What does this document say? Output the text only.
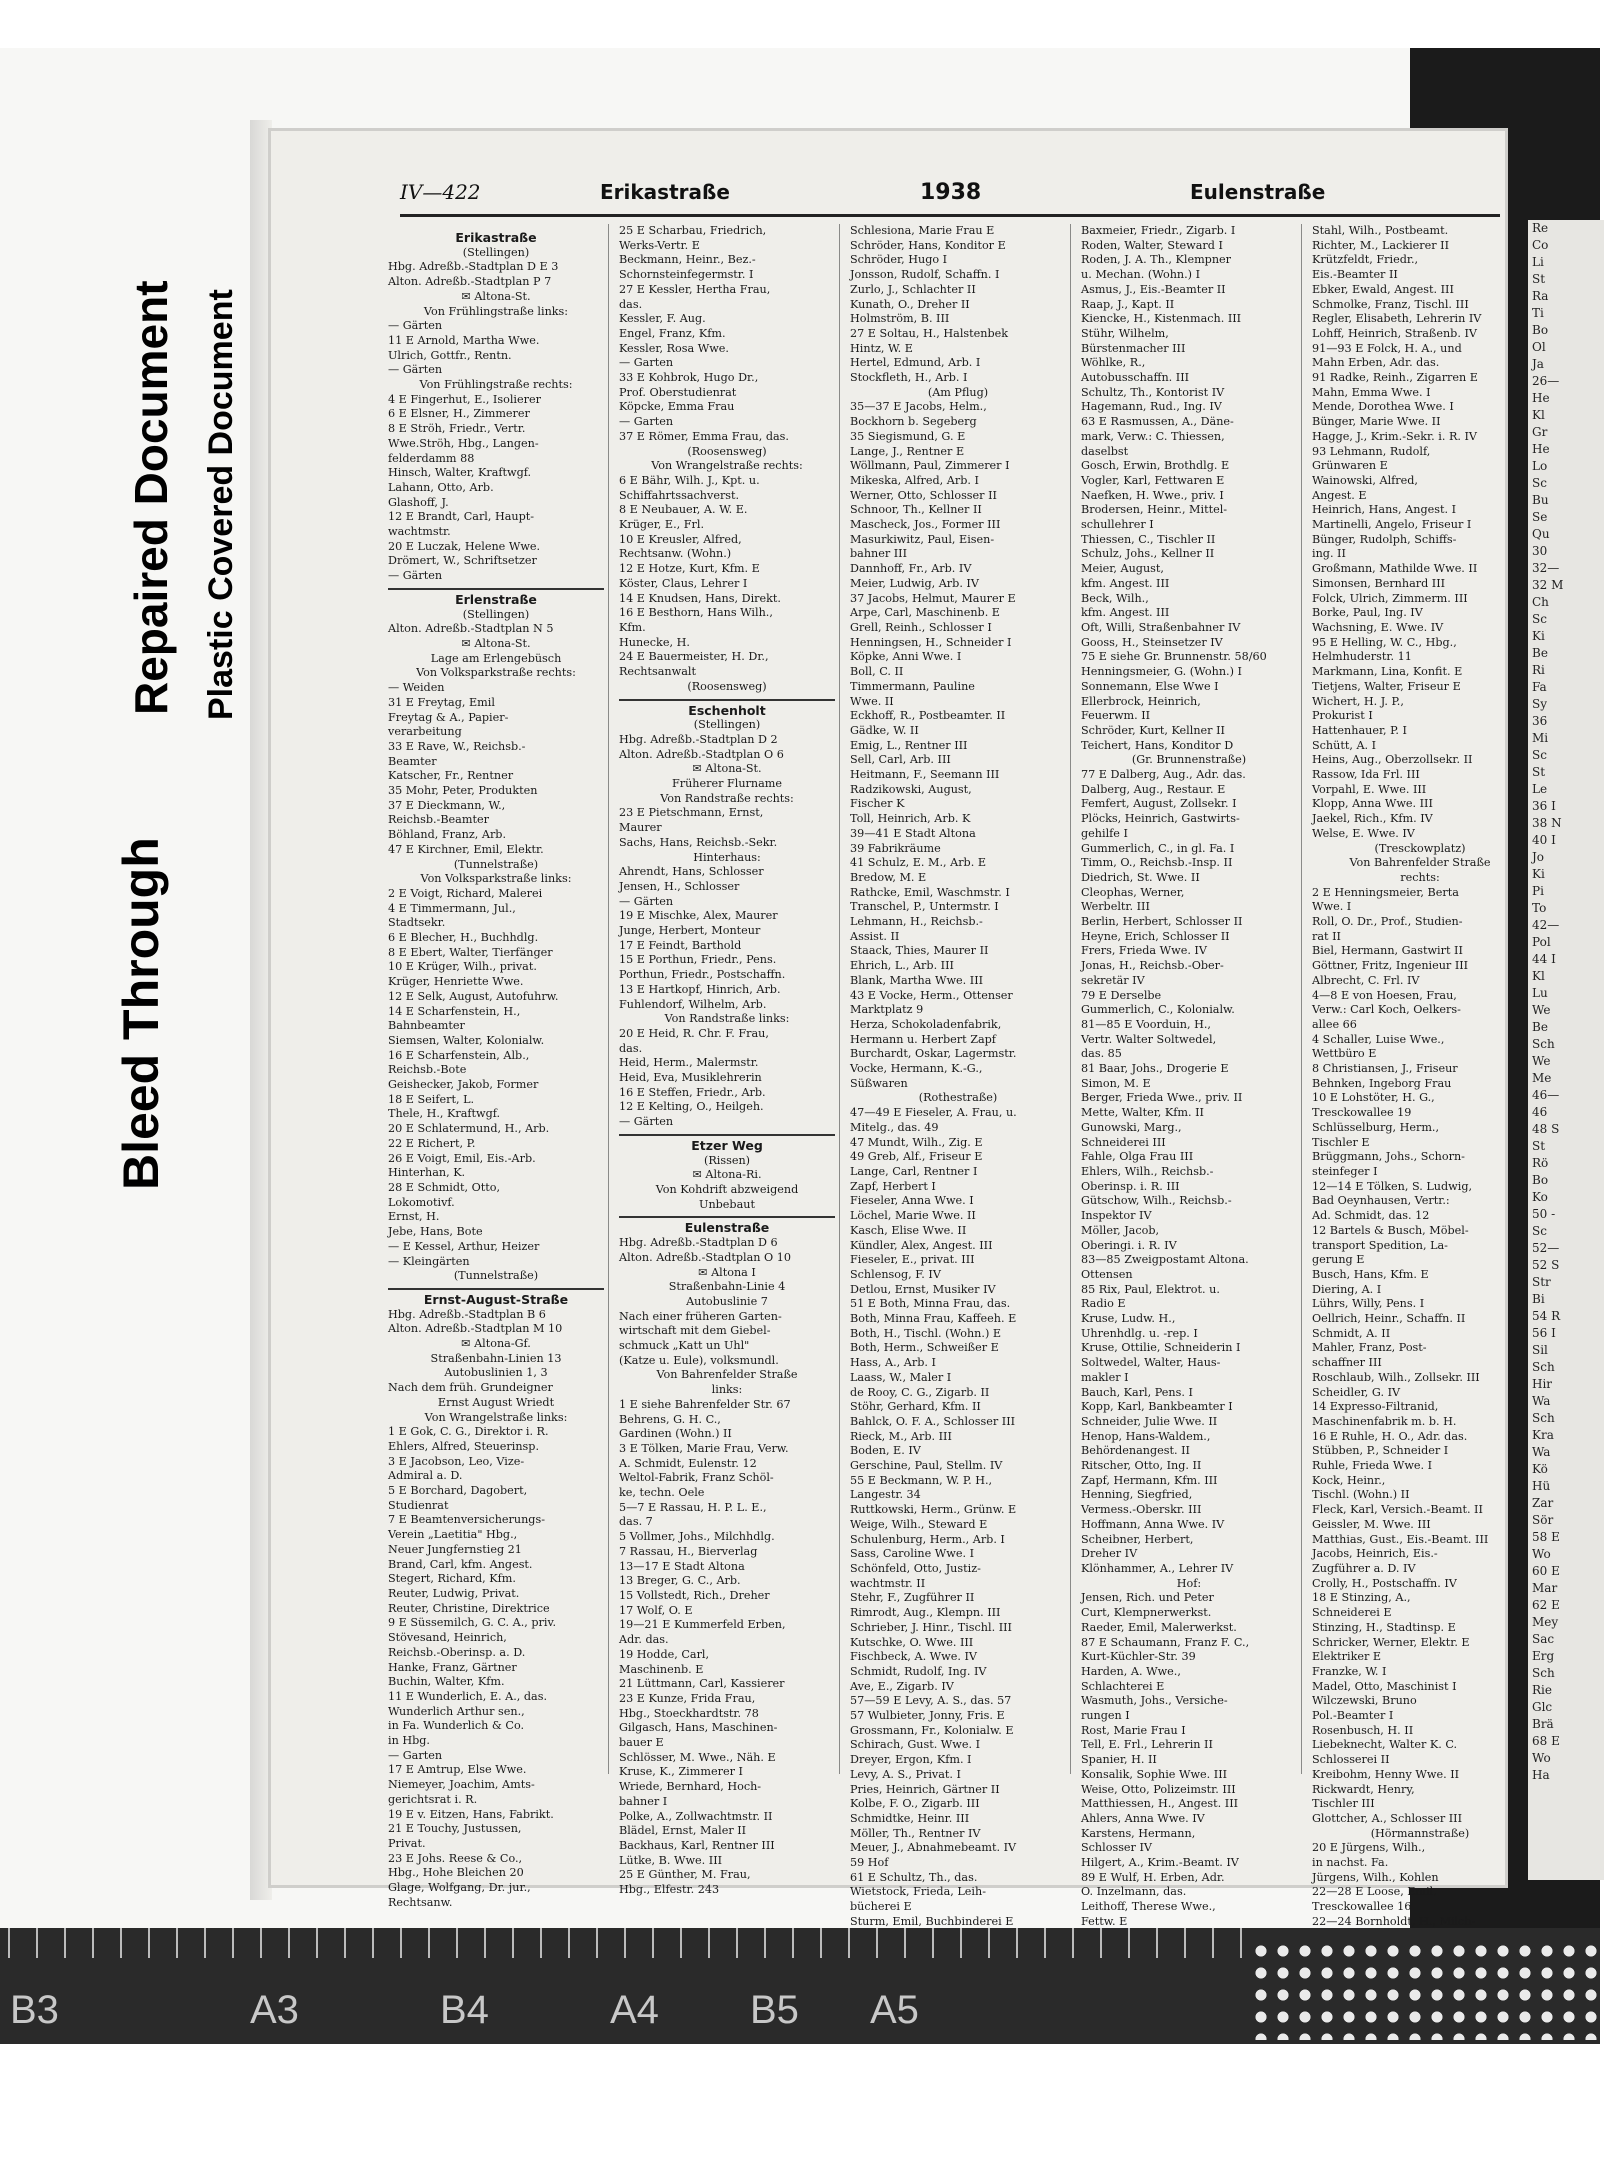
Bleed Through
Repaired Document Plastic Covered Document
Re
Co
Li
St
Ra
Ti
Bo
Ol
Ja
26—
He
Kl
Gr
He
Lo
Sc
Bu
Se
Qu
30
32—
32 M
Ch
Sc
Ki
Be
Ri
Fa
Sy
36
Mi
Sc
St
Le
36 I
38 N
40 I
Jo
Ki
Pi
To
42—
Pol
44 I
Kl
Lu
We
Be
Sch
We
Me
46—
46
48 S
St
Rö
Bo
Ko
50 -
Sc
52—
52 S
Str
Bi
54 R
56 I
Sil
Sch
Hir
Wa
Sch
Kra
Wa
Kö
Hü
Zar
Sör
58 E
Wo
60 E
Mar
62 E
Mey
Sac
Erg
Sch
Rie
Glc
Brä
68 E
Wo
Ha
IV—422	Erikastraße	1938	Eulenstraße
Erikastraße
(Stellingen)
Hbg. Adreßb.-Stadtplan D E 3
Alton. Adreßb.-Stadtplan P 7
✉ Altona-St.
Von Frühlingstraße links:
— Gärten
11 E Arnold, Martha Wwe.
Ulrich, Gottfr., Rentn.
— Gärten
Von Frühlingstraße rechts:
4 E Fingerhut, E., Isolierer
6 E Elsner, H., Zimmerer
8 E Ströh, Friedr., Vertr.
Wwe.Ströh, Hbg., Langen-
felderdamm 88
Hinsch, Walter, Kraftwgf.
Lahann, Otto, Arb.
Glashoff, J.
12 E Brandt, Carl, Haupt-
wachtmstr.
20 E Luczak, Helene Wwe.
Drömert, W., Schriftsetzer
— Gärten
Erlenstraße
(Stellingen)
Alton. Adreßb.-Stadtplan N 5
✉ Altona-St.
Lage am Erlengebüsch
Von Volksparkstraße rechts:
— Weiden
31 E Freytag, Emil
Freytag & A., Papier-
verarbeitung
33 E Rave, W., Reichsb.-
Beamter
Katscher, Fr., Rentner
35 Mohr, Peter, Produkten
37 E Dieckmann, W.,
Reichsb.-Beamter
Böhland, Franz, Arb.
47 E Kirchner, Emil, Elektr.
(Tunnelstraße)
Von Volksparkstraße links:
2 E Voigt, Richard, Malerei
4 E Timmermann, Jul.,
Stadtsekr.
6 E Blecher, H., Buchhdlg.
8 E Ebert, Walter, Tierfänger
10 E Krüger, Wilh., privat.
Krüger, Henriette Wwe.
12 E Selk, August, Autofuhrw.
14 E Scharfenstein, H.,
Bahnbeamter
Siemsen, Walter, Kolonialw.
16 E Scharfenstein, Alb.,
Reichsb.-Bote
Geishecker, Jakob, Former
18 E Seifert, L.
Thele, H., Kraftwgf.
20 E Schlatermund, H., Arb.
22 E Richert, P.
26 E Voigt, Emil, Eis.-Arb.
Hinterhan, K.
28 E Schmidt, Otto,
Lokomotivf.
Ernst, H.
Jebe, Hans, Bote
— E Kessel, Arthur, Heizer
— Kleingärten
(Tunnelstraße)
Ernst-August-Straße
Hbg. Adreßb.-Stadtplan B 6
Alton. Adreßb.-Stadtplan M 10
✉ Altona-Gf.
Straßenbahn-Linien 13
Autobuslinien 1, 3
Nach dem früh. Grundeigner
Ernst August Wriedt
Von Wrangelstraße links:
1 E Gok, C. G., Direktor i. R.
Ehlers, Alfred, Steuerinsp.
3 E Jacobson, Leo, Vize-
Admiral a. D.
5 E Borchard, Dagobert,
Studienrat
7 E Beamtenversicherungs-
Verein „Laetitia" Hbg.,
Neuer Jungfernstieg 21
Brand, Carl, kfm. Angest.
Stegert, Richard, Kfm.
Reuter, Ludwig, Privat.
Reuter, Christine, Direktrice
9 E Süssemilch, G. C. A., priv.
Stövesand, Heinrich,
Reichsb.-Oberinsp. a. D.
Hanke, Franz, Gärtner
Buchin, Walter, Kfm.
11 E Wunderlich, E. A., das.
Wunderlich Arthur sen.,
in Fa. Wunderlich & Co.
in Hbg.
— Garten
17 E Amtrup, Else Wwe.
Niemeyer, Joachim, Amts-
gerichtsrat i. R.
19 E v. Eitzen, Hans, Fabrikt.
21 E Touchy, Justussen,
Privat.
23 E Johs. Reese & Co.,
Hbg., Hohe Bleichen 20
Glage, Wolfgang, Dr. jur.,
Rechtsanw.
25 E Scharbau, Friedrich,
Werks-Vertr. E
Beckmann, Heinr., Bez.-
Schornsteinfegermstr. I
27 E Kessler, Hertha Frau,
das.
Kessler, F. Aug.
Engel, Franz, Kfm.
Kessler, Rosa Wwe.
— Garten
33 E Kohbrok, Hugo Dr.,
Prof. Oberstudienrat
Köpcke, Emma Frau
— Garten
37 E Römer, Emma Frau, das.
(Roosensweg)
Von Wrangelstraße rechts:
6 E Bähr, Wilh. J., Kpt. u.
Schiffahrtssachverst.
8 E Neubauer, A. W. E.
Krüger, E., Frl.
10 E Kreusler, Alfred,
Rechtsanw. (Wohn.)
12 E Hotze, Kurt, Kfm. E
Köster, Claus, Lehrer I
14 E Knudsen, Hans, Direkt.
16 E Besthorn, Hans Wilh.,
Kfm.
Hunecke, H.
24 E Bauermeister, H. Dr.,
Rechtsanwalt
(Roosensweg)
Eschenholt
(Stellingen)
Hbg. Adreßb.-Stadtplan D 2
Alton. Adreßb.-Stadtplan O 6
✉ Altona-St.
Früherer Flurname
Von Randstraße rechts:
23 E Pietschmann, Ernst,
Maurer
Sachs, Hans, Reichsb.-Sekr.
Hinterhaus:
Ahrendt, Hans, Schlosser
Jensen, H., Schlosser
— Gärten
19 E Mischke, Alex, Maurer
Junge, Herbert, Monteur
17 E Feindt, Barthold
15 E Porthun, Friedr., Pens.
Porthun, Friedr., Postschaffn.
13 E Hartkopf, Hinrich, Arb.
Fuhlendorf, Wilhelm, Arb.
Von Randstraße links:
20 E Heid, R. Chr. F. Frau,
das.
Heid, Herm., Malermstr.
Heid, Eva, Musiklehrerin
16 E Steffen, Friedr., Arb.
12 E Kelting, O., Heilgeh.
— Gärten
Etzer Weg
(Rissen)
✉ Altona-Ri.
Von Kohdrift abzweigend
Unbebaut
Eulenstraße
Hbg. Adreßb.-Stadtplan D 6
Alton. Adreßb.-Stadtplan O 10
✉ Altona I
Straßenbahn-Linie 4
Autobuslinie 7
Nach einer früheren Garten-
wirtschaft mit dem Giebel-
schmuck „Katt un Uhl"
(Katze u. Eule), volksmundl.
Von Bahrenfelder Straße
links:
1 E siehe Bahrenfelder Str. 67
Behrens, G. H. C.,
Gardinen (Wohn.) II
3 E Tölken, Marie Frau, Verw.
A. Schmidt, Eulenstr. 12
Weltol-Fabrik, Franz Schöl-
ke, techn. Oele
5—7 E Rassau, H. P. L. E.,
das. 7
5 Vollmer, Johs., Milchhdlg.
7 Rassau, H., Bierverlag
13—17 E Stadt Altona
13 Breger, G. C., Arb.
15 Vollstedt, Rich., Dreher
17 Wolf, O. E
19—21 E Kummerfeld Erben,
Adr. das.
19 Hodde, Carl,
Maschinenb. E
21 Lüttmann, Carl, Kassierer
23 E Kunze, Frida Frau,
Hbg., Stoeckhardtstr. 78
Gilgasch, Hans, Maschinen-
bauer E
Schlösser, M. Wwe., Näh. E
Kruse, K., Zimmerer I
Wriede, Bernhard, Hoch-
bahner I
Polke, A., Zollwachtmstr. II
Blädel, Ernst, Maler II
Backhaus, Karl, Rentner III
Lütke, B. Wwe. III
25 E Günther, M. Frau,
Hbg., Elfestr. 243
Schlesiona, Marie Frau E
Schröder, Hans, Konditor E
Schröder, Hugo I
Jonsson, Rudolf, Schaffn. I
Zurlo, J., Schlachter II
Kunath, O., Dreher II
Holmström, B. III
27 E Soltau, H., Halstenbek
Hintz, W. E
Hertel, Edmund, Arb. I
Stockfleth, H., Arb. I
(Am Pflug)
35—37 E Jacobs, Helm.,
Bockhorn b. Segeberg
35 Siegismund, G. E
Lange, J., Rentner E
Wöllmann, Paul, Zimmerer I
Mikeska, Alfred, Arb. I
Werner, Otto, Schlosser II
Schnoor, Th., Kellner II
Mascheck, Jos., Former III
Masurkiwitz, Paul, Eisen-
bahner III
Dannhoff, Fr., Arb. IV
Meier, Ludwig, Arb. IV
37 Jacobs, Helmut, Maurer E
Arpe, Carl, Maschinenb. E
Grell, Reinh., Schlosser I
Henningsen, H., Schneider I
Köpke, Anni Wwe. I
Boll, C. II
Timmermann, Pauline
Wwe. II
Eckhoff, R., Postbeamter. II
Gädke, W. II
Emig, L., Rentner III
Sell, Carl, Arb. III
Heitmann, F., Seemann III
Radzikowski, August,
Fischer K
Toll, Heinrich, Arb. K
39—41 E Stadt Altona
39 Fabrikräume
41 Schulz, E. M., Arb. E
Bredow, M. E
Rathcke, Emil, Waschmstr. I
Transchel, P., Untermstr. I
Lehmann, H., Reichsb.-
Assist. II
Staack, Thies, Maurer II
Ehrich, L., Arb. III
Blank, Martha Wwe. III
43 E Vocke, Herm., Ottenser
Marktplatz 9
Herza, Schokoladenfabrik,
Hermann u. Herbert Zapf
Burchardt, Oskar, Lagermstr.
Vocke, Hermann, K.-G.,
Süßwaren
(Rothestraße)
47—49 E Fieseler, A. Frau, u.
Mitelg., das. 49
47 Mundt, Wilh., Zig. E
49 Greb, Alf., Friseur E
Lange, Carl, Rentner I
Zapf, Herbert I
Fieseler, Anna Wwe. I
Löchel, Marie Wwe. II
Kasch, Elise Wwe. II
Kündler, Alex, Angest. III
Fieseler, E., privat. III
Schlensog, F. IV
Detlou, Ernst, Musiker IV
51 E Both, Minna Frau, das.
Both, Minna Frau, Kaffeeh. E
Both, H., Tischl. (Wohn.) E
Both, Herm., Schweißer E
Hass, A., Arb. I
Laass, W., Maler I
de Rooy, C. G., Zigarb. II
Stöhr, Gerhard, Kfm. II
Bahlck, O. F. A., Schlosser III
Rieck, M., Arb. III
Boden, E. IV
Gerschine, Paul, Stellm. IV
55 E Beckmann, W. P. H.,
Langestr. 34
Ruttkowski, Herm., Grünw. E
Weige, Wilh., Steward E
Schulenburg, Herm., Arb. I
Sass, Caroline Wwe. I
Schönfeld, Otto, Justiz-
wachtmstr. II
Stehr, F., Zugführer II
Rimrodt, Aug., Klempn. III
Schrieber, J. Hinr., Tischl. III
Kutschke, O. Wwe. III
Fischbeck, A. Wwe. IV
Schmidt, Rudolf, Ing. IV
Ave, E., Zigarb. IV
57—59 E Levy, A. S., das. 57
57 Wulbieter, Jonny, Fris. E
Grossmann, Fr., Kolonialw. E
Schirach, Gust. Wwe. I
Dreyer, Ergon, Kfm. I
Levy, A. S., Privat. I
Pries, Heinrich, Gärtner II
Kolbe, F. O., Zigarb. III
Schmidtke, Heinr. III
Möller, Th., Rentner IV
Meuer, J., Abnahmebeamt. IV
59 Hof
61 E Schultz, Th., das.
Wietstock, Frieda, Leih-
bücherei E
Sturm, Emil, Buchbinderei E
Baxmeier, Friedr., Zigarb. I
Roden, Walter, Steward I
Roden, J. A. Th., Klempner
u. Mechan. (Wohn.) I
Asmus, J., Eis.-Beamter II
Raap, J., Kapt. II
Kiencke, H., Kistenmach. III
Stühr, Wilhelm,
Bürstenmacher III
Wöhlke, R.,
Autobusschaffn. III
Schultz, Th., Kontorist IV
Hagemann, Rud., Ing. IV
63 E Rasmussen, A., Däne-
mark, Verw.: C. Thiessen,
daselbst
Gosch, Erwin, Brothdlg. E
Vogler, Karl, Fettwaren E
Naefken, H. Wwe., priv. I
Brodersen, Heinr., Mittel-
schullehrer I
Thiessen, C., Tischler II
Schulz, Johs., Kellner II
Meier, August,
kfm. Angest. III
Beck, Wilh.,
kfm. Angest. III
Oft, Willi, Straßenbahner IV
Gooss, H., Steinsetzer IV
75 E siehe Gr. Brunnenstr. 58/60
Henningsmeier, G. (Wohn.) I
Sonnemann, Else Wwe I
Ellerbrock, Heinrich,
Feuerwm. II
Schröder, Kurt, Kellner II
Teichert, Hans, Konditor D
(Gr. Brunnenstraße)
77 E Dalberg, Aug., Adr. das.
Dalberg, Aug., Restaur. E
Femfert, August, Zollsekr. I
Plöcks, Heinrich, Gastwirts-
gehilfe I
Gummerlich, C., in gl. Fa. I
Timm, O., Reichsb.-Insp. II
Diedrich, St. Wwe. II
Cleophas, Werner,
Werbeltr. III
Berlin, Herbert, Schlosser II
Heyne, Erich, Schlosser II
Frers, Frieda Wwe. IV
Jonas, H., Reichsb.-Ober-
sekretär IV
79 E Derselbe
Gummerlich, C., Kolonialw.
81—85 E Voorduin, H.,
Vertr. Walter Soltwedel,
das. 85
81 Baar, Johs., Drogerie E
Simon, M. E
Berger, Frieda Wwe., priv. II
Mette, Walter, Kfm. II
Gunowski, Marg.,
Schneiderei III
Fahle, Olga Frau III
Ehlers, Wilh., Reichsb.-
Oberinsp. i. R. III
Gütschow, Wilh., Reichsb.-
Inspektor IV
Möller, Jacob,
Oberingi. i. R. IV
83—85 Zweigpostamt Altona.
Ottensen
85 Rix, Paul, Elektrot. u.
Radio E
Kruse, Ludw. H.,
Uhrenhdlg. u. -rep. I
Kruse, Ottilie, Schneiderin I
Soltwedel, Walter, Haus-
makler I
Bauch, Karl, Pens. I
Kopp, Karl, Bankbeamter I
Schneider, Julie Wwe. II
Henop, Hans-Waldem.,
Behördenangest. II
Ritscher, Otto, Ing. II
Zapf, Hermann, Kfm. III
Henning, Siegfried,
Vermess.-Oberskr. III
Hoffmann, Anna Wwe. IV
Scheibner, Herbert,
Dreher IV
Klönhammer, A., Lehrer IV
Hof:
Jensen, Rich. und Peter
Curt, Klempnerwerkst.
Raeder, Emil, Malerwerkst.
87 E Schaumann, Franz F. C.,
Kurt-Küchler-Str. 39
Harden, A. Wwe.,
Schlachterei E
Wasmuth, Johs., Versiche-
rungen I
Rost, Marie Frau I
Tell, E. Frl., Lehrerin II
Spanier, H. II
Konsalik, Sophie Wwe. III
Weise, Otto, Polizeimstr. III
Matthiessen, H., Angest. III
Ahlers, Anna Wwe. IV
Karstens, Hermann,
Schlosser IV
Hilgert, A., Krim.-Beamt. IV
89 E Wulf, H. Erben, Adr.
O. Inzelmann, das.
Leithoff, Therese Wwe.,
Fettw. E
Stahl, Wilh., Postbeamt.
Richter, M., Lackierer II
Krützfeldt, Friedr.,
Eis.-Beamter II
Ebker, Ewald, Angest. III
Schmolke, Franz, Tischl. III
Regler, Elisabeth, Lehrerin IV
Lohff, Heinrich, Straßenb. IV
91—93 E Folck, H. A., und
Mahn Erben, Adr. das.
91 Radke, Reinh., Zigarren E
Mahn, Emma Wwe. I
Mende, Dorothea Wwe. I
Bünger, Marie Wwe. II
Hagge, J., Krim.-Sekr. i. R. IV
93 Lehmann, Rudolf,
Grünwaren E
Wainowski, Alfred,
Angest. E
Heinrich, Hans, Angest. I
Martinelli, Angelo, Friseur I
Bünger, Rudolph, Schiffs-
ing. II
Großmann, Mathilde Wwe. II
Simonsen, Bernhard III
Folck, Ulrich, Zimmerm. III
Borke, Paul, Ing. IV
Wachsning, E. Wwe. IV
95 E Helling, W. C., Hbg.,
Helmhuderstr. 11
Markmann, Lina, Konfit. E
Tietjens, Walter, Friseur E
Wichert, H. J. P.,
Prokurist I
Hattenhauer, P. I
Schütt, A. I
Heins, Aug., Oberzollsekr. II
Rassow, Ida Frl. III
Vorpahl, E. Wwe. III
Klopp, Anna Wwe. III
Jaekel, Rich., Kfm. IV
Welse, E. Wwe. IV
(Tresckowplatz)
Von Bahrenfelder Straße
rechts:
2 E Henningsmeier, Berta
Wwe. I
Roll, O. Dr., Prof., Studien-
rat II
Biel, Hermann, Gastwirt II
Göttner, Fritz, Ingenieur III
Albrecht, C. Frl. IV
4—8 E von Hoesen, Frau,
Verw.: Carl Koch, Oelkers-
allee 66
4 Schaller, Luise Wwe.,
Wettbüro E
8 Christiansen, J., Friseur
Behnken, Ingeborg Frau
10 E Lohstöter, H. G.,
Tresckowallee 19
Schlüsselburg, Herm.,
Tischler E
Brüggmann, Johs., Schorn-
steinfeger I
12—14 E Tölken, S. Ludwig,
Bad Oeynhausen, Vertr.:
Ad. Schmidt, das. 12
12 Bartels & Busch, Möbel-
transport Spedition, La-
gerung E
Busch, Hans, Kfm. E
Diering, A. I
Lührs, Willy, Pens. I
Oellrich, Heinr., Schaffn. II
Schmidt, A. II
Mahler, Franz, Post-
schaffner III
Roschlaub, Wilh., Zollsekr. III
Scheidler, G. IV
14 Expresso-Filtranid,
Maschinenfabrik m. b. H.
16 E Ruhle, H. O., Adr. das.
Stübben, P., Schneider I
Ruhle, Frieda Wwe. I
Kock, Heinr.,
Tischl. (Wohn.) II
Fleck, Karl, Versich.-Beamt. II
Geissler, M. Wwe. III
Matthias, Gust., Eis.-Beamt. III
Jacobs, Heinrich, Eis.-
Zugführer a. D. IV
Crolly, H., Postschaffn. IV
18 E Stinzing, A.,
Schneiderei E
Stinzing, H., Stadtinsp. E
Schricker, Werner, Elektr. E
Elektriker E
Franzke, W. I
Madel, Otto, Maschinist I
Wilczewski, Bruno
Pol.-Beamter I
Rosenbusch, H. II
Liebeknecht, Walter K. C.
Schlosserei II
Kreibohm, Henny Wwe. II
Rickwardt, Henry,
Tischler III
Glottcher, A., Schlosser III
(Hörmannstraße)
20 E Jürgens, Wilh.,
in nachst. Fa.
Jürgens, Wilh., Kohlen
22—28 E Loose, Emil,
Tresckowallee 16
22—24 Bornholdt, H., Milch-
B3	A3	B4	A4 B5 A5
